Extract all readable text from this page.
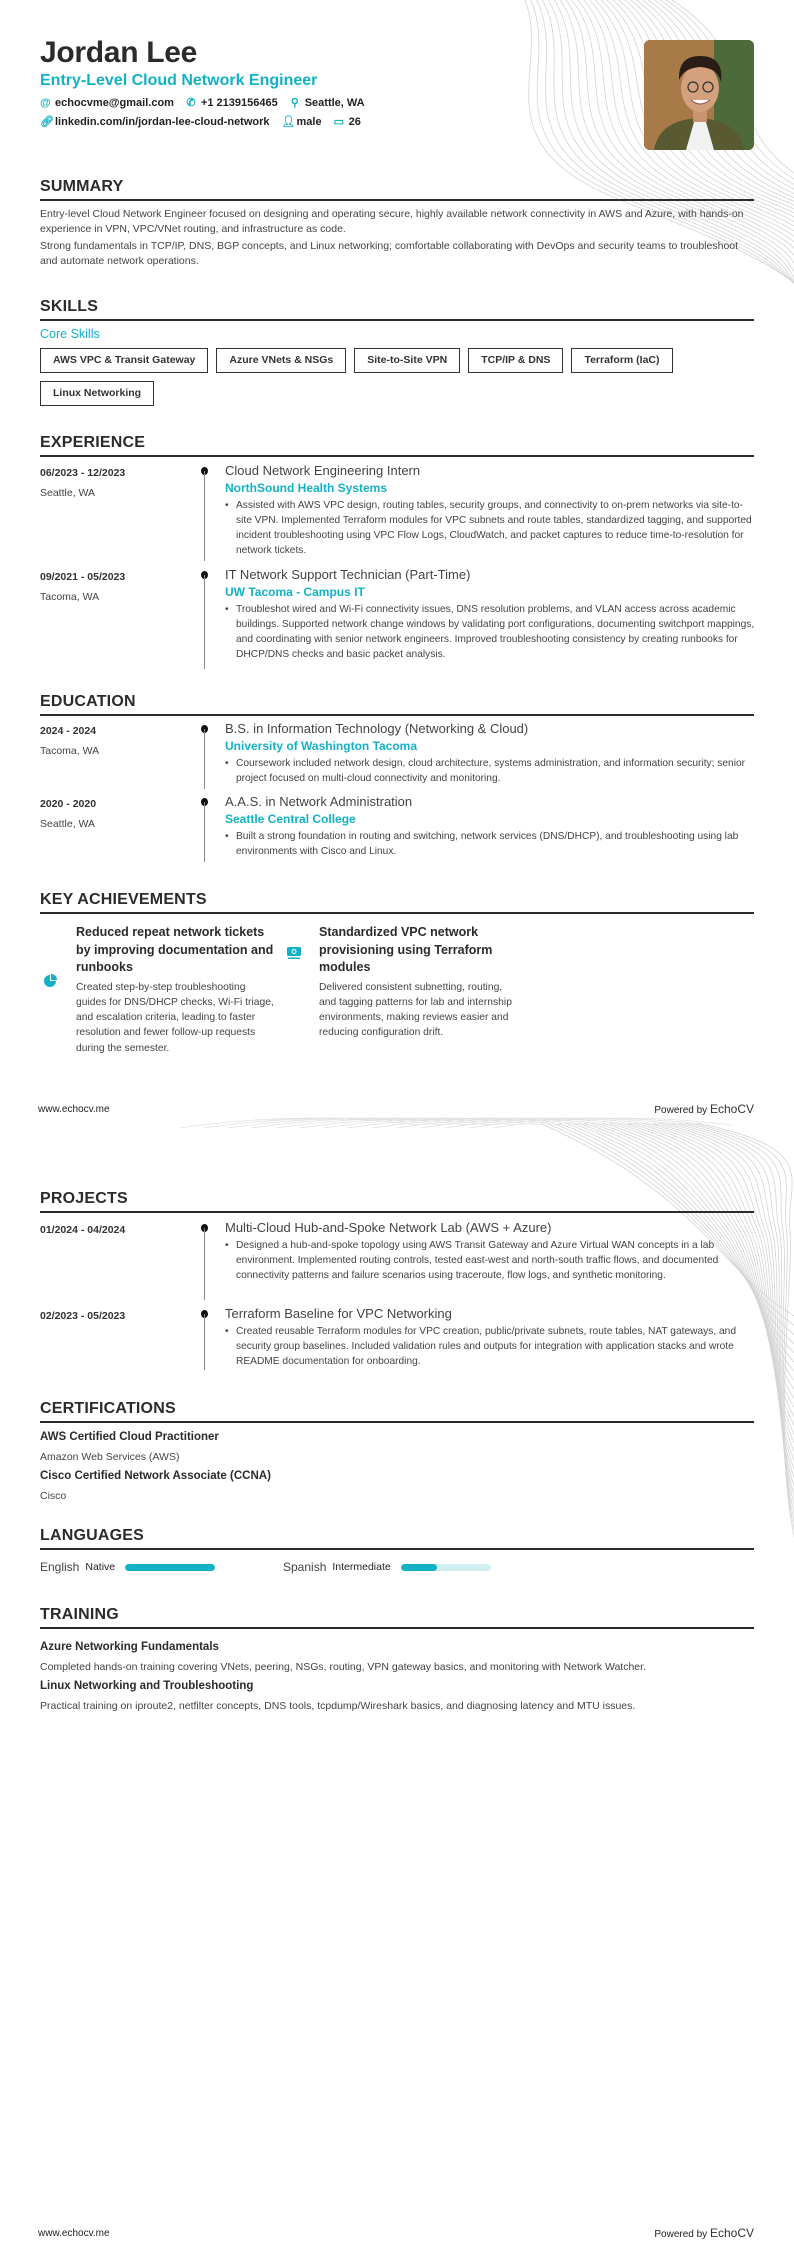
Jordan Lee
Entry-Level Cloud Network Engineer
@ echocvme@gmail.com ✆ +1 2139156465 ⚲ Seattle, WA
🔗︎ linkedin.com/in/jordan-lee-cloud-network 👤︎ male ▭ 26
SUMMARY

Entry-level Cloud Network Engineer focused on designing and operating secure, highly available network connectivity in AWS and Azure, with hands-on experience in VPN, VPC/VNet routing, and infrastructure as code.

Strong fundamentals in TCP/IP, DNS, BGP concepts, and Linux networking; comfortable collaborating with DevOps and security teams to troubleshoot and automate network operations.

SKILLS
Core Skills
AWS VPC & Transit Gateway	Azure VNets & NSGs	Site-to-Site VPN	TCP/IP & DNS	Terraform (IaC)
Linux Networking
EXPERIENCE
06/2023 - 12/2023
Seattle, WA
Cloud Network Engineering Intern
NorthSound Health Systems
• Assisted with AWS VPC design, routing tables, security groups, and connectivity to on-prem networks via site-to-site VPN. Implemented Terraform modules for VPC subnets and route tables, standardized tagging, and supported incident troubleshooting using VPC Flow Logs, CloudWatch, and packet captures to reduce time-to-resolution for network tickets.
09/2021 - 05/2023
Tacoma, WA
IT Network Support Technician (Part-Time)
UW Tacoma - Campus IT
• Troubleshot wired and Wi-Fi connectivity issues, DNS resolution problems, and VLAN access across academic buildings. Supported network change windows by validating port configurations, documenting switchport mappings, and coordinating with senior network engineers. Improved troubleshooting consistency by creating runbooks for DHCP/DNS checks and basic packet analysis.
EDUCATION
2024 - 2024
Tacoma, WA
B.S. in Information Technology (Networking & Cloud)
University of Washington Tacoma
• Coursework included network design, cloud architecture, systems administration, and information security; senior project focused on multi-cloud connectivity and monitoring.
2020 - 2020
Seattle, WA
A.A.S. in Network Administration
Seattle Central College
• Built a strong foundation in routing and switching, network services (DNS/DHCP), and troubleshooting using lab environments with Cisco and Linux.
KEY ACHIEVEMENTS
Reduced repeat network tickets by improving documentation and runbooks
Created step-by-step troubleshooting guides for DNS/DHCP checks, Wi-Fi triage, and escalation criteria, leading to faster resolution and fewer follow-up requests during the semester.
Standardized VPC network provisioning using Terraform modules
Delivered consistent subnetting, routing, and tagging patterns for lab and internship environments, making reviews easier and reducing configuration drift.
www.echocv.me	Powered by EchoCV
PROJECTS
01/2024 - 04/2024	Multi-Cloud Hub-and-Spoke Network Lab (AWS + Azure)
• Designed a hub-and-spoke topology using AWS Transit Gateway and Azure Virtual WAN concepts in a lab environment. Implemented routing controls, tested east-west and north-south traffic flows, and documented connectivity patterns and failure scenarios using traceroute, flow logs, and synthetic monitoring.
02/2023 - 05/2023	Terraform Baseline for VPC Networking
• Created reusable Terraform modules for VPC creation, public/private subnets, route tables, NAT gateways, and security group baselines. Included validation rules and outputs for integration with application stacks and wrote README documentation for onboarding.
CERTIFICATIONS
AWS Certified Cloud Practitioner
Amazon Web Services (AWS)
Cisco Certified Network Associate (CCNA)
Cisco
LANGUAGES
English Native	Spanish Intermediate
TRAINING
Azure Networking Fundamentals
Completed hands-on training covering VNets, peering, NSGs, routing, VPN gateway basics, and monitoring with Network Watcher.
Linux Networking and Troubleshooting
Practical training on iproute2, netfilter concepts, DNS tools, tcpdump/Wireshark basics, and diagnosing latency and MTU issues.
www.echocv.me	Powered by EchoCV
